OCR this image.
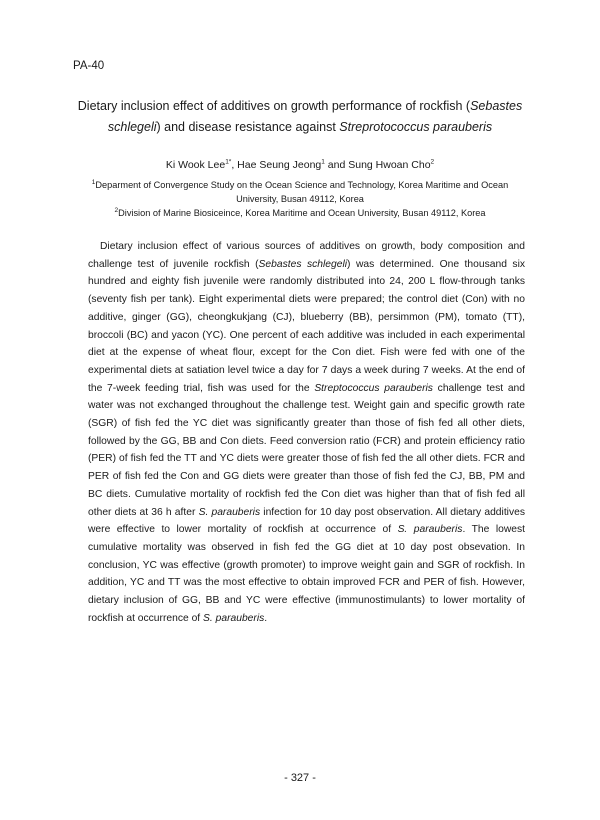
PA-40
Dietary inclusion effect of additives on growth performance of rockfish (Sebastes schlegeli) and disease resistance against Streprotococcus parauberis
Ki Wook Lee$^{1*}$, Hae Seung Jeong$^1$ and Sung Hwoan Cho$^2$
$^1$Deparment of Convergence Study on the Ocean Science and Technology, Korea Maritime and Ocean University, Busan 49112, Korea
$^2$Division of Marine Biosiceince, Korea Maritime and Ocean University, Busan 49112, Korea

Dietary inclusion effect of various sources of additives on growth, body composition and challenge test of juvenile rockfish (Sebastes schlegeli) was determined. One thousand six hundred and eighty fish juvenile were randomly distributed into 24, 200 L flow-through tanks (seventy fish per tank). Eight experimental diets were prepared; the control diet (Con) with no additive, ginger (GG), cheongkukjang (CJ), blueberry (BB), persimmon (PM), tomato (TT), broccoli (BC) and yacon (YC). One percent of each additive was included in each experimental diet at the expense of wheat flour, except for the Con diet. Fish were fed with one of the experimental diets at satiation level twice a day for 7 days a week during 7 weeks. At the end of the 7-week feeding trial, fish was used for the Streptococcus parauberis challenge test and water was not exchanged throughout the challenge test. Weight gain and specific growth rate (SGR) of fish fed the YC diet was significantly greater than those of fish fed all other diets, followed by the GG, BB and Con diets. Feed conversion ratio (FCR) and protein efficiency ratio (PER) of fish fed the TT and YC diets were greater those of fish fed the all other diets. FCR and PER of fish fed the Con and GG diets were greater than those of fish fed the CJ, BB, PM and BC diets. Cumulative mortality of rockfish fed the Con diet was higher than that of fish fed all other diets at 36 h after S. parauberis infection for 10 day post observation. All dietary additives were effective to lower mortality of rockfish at occurrence of S. parauberis. The lowest cumulative mortality was observed in fish fed the GG diet at 10 day post obsevation. In conclusion, YC was effective (growth promoter) to improve weight gain and SGR of rockfish. In addition, YC and TT was the most effective to obtain improved FCR and PER of fish. However, dietary inclusion of GG, BB and YC were effective (immunostimulants) to lower mortality of rockfish at occurrence of S. parauberis.

- 327 -
